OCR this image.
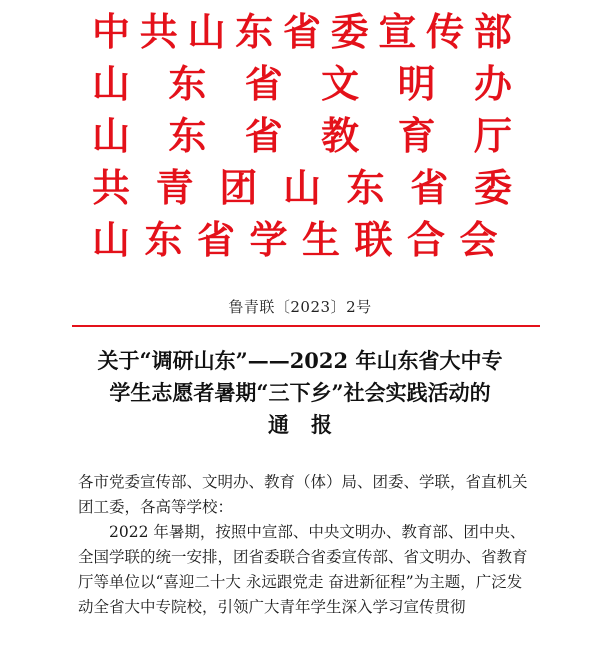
中 共 山 东 省 委 宣 传 部
山 东 省 文 明 办
山 东 省 教 育 厅
共 青 团 山 东 省 委
山 东 省 学 生 联 合 会
鲁青联〔2023〕2号
关于“调研山东”——2022 年山东省大中专
学生志愿者暑期“三下乡”社会实践活动的
通报

各市党委宣传部、文明办、教育（体）局、团委、学联，省直机关团工委，各高等学校：

2022 年暑期，按照中宣部、中央文明办、教育部、团中央、全国学联的统一安排，团省委联合省委宣传部、省文明办、省教育厅等单位以“喜迎二十大 永远跟党走 奋进新征程”为主题，广泛发动全省大中专院校，引领广大青年学生深入学习宣传贯彻
